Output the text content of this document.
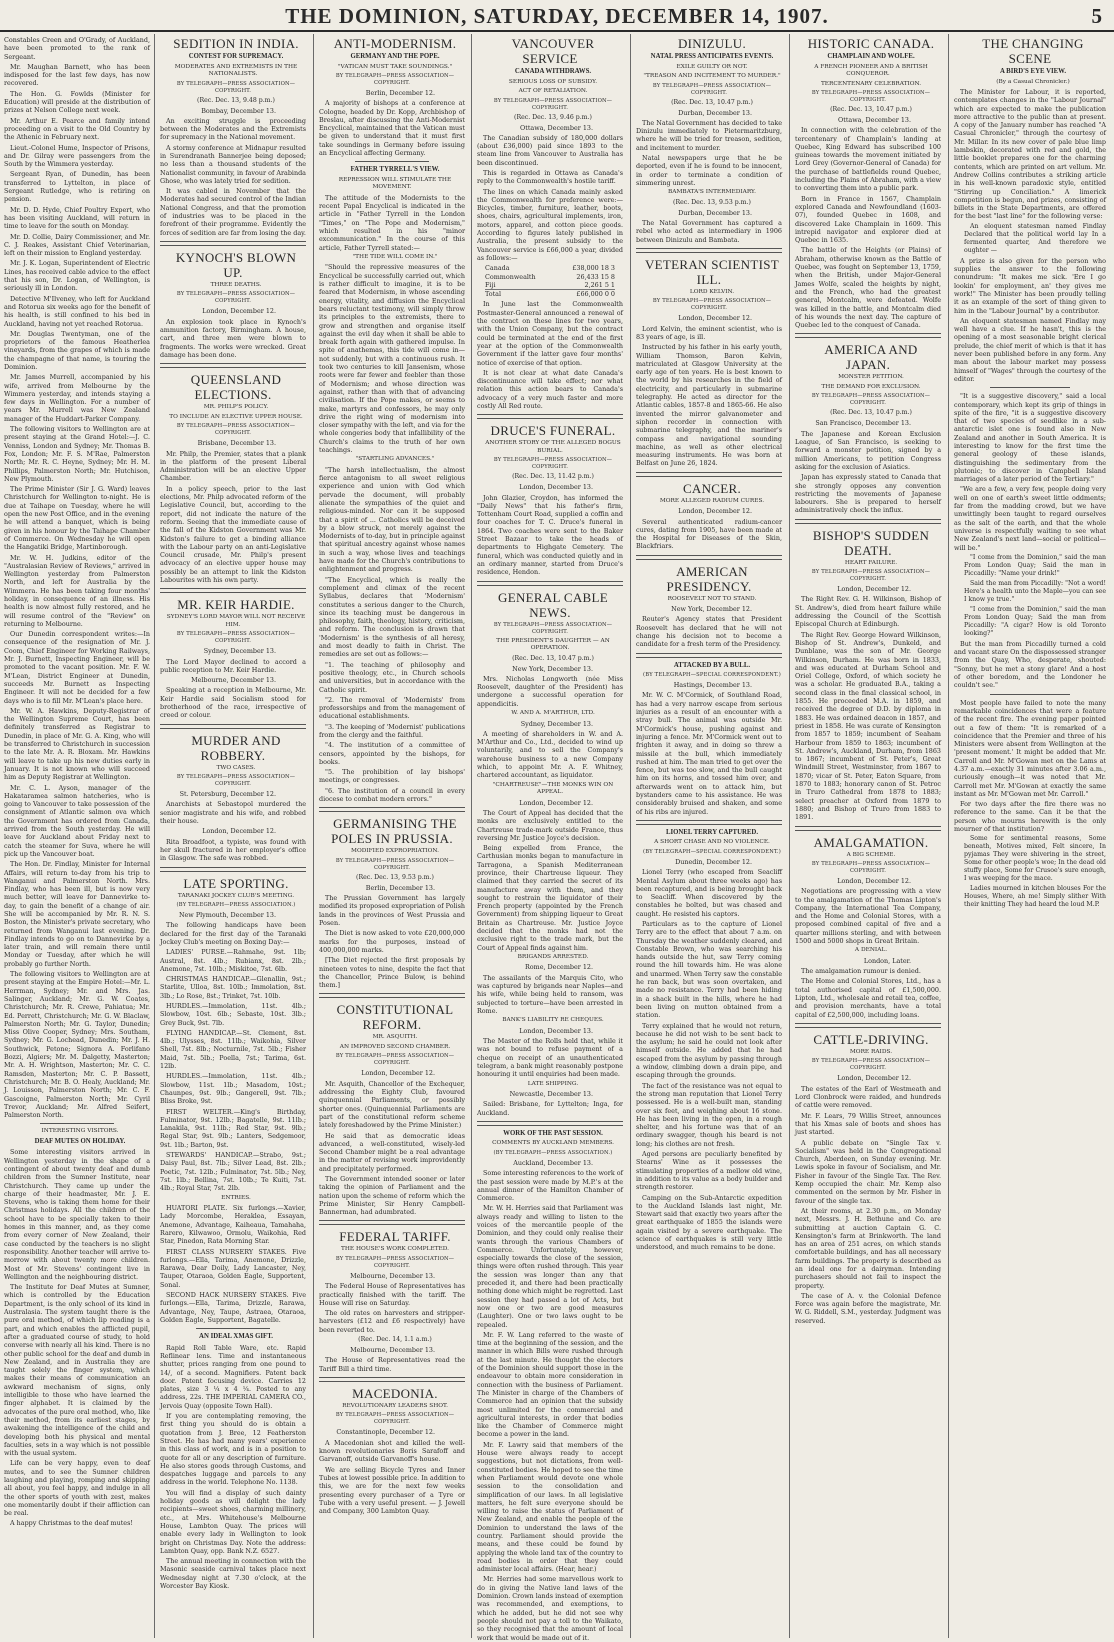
THE DOMINION, SATURDAY, DECEMBER 14, 1907.	5

Constables Creen and O'Grady, of Auckland, have been promoted to the rank of Sergeant.

Mr. Maughan Barnett, who has been indisposed for the last few days, has now recovered.

The Hon. G. Fowlds (Minister for Education) will preside at the distribution of prizes at Nelson College next week.

Mr. Arthur E. Pearce and family intend proceeding on a visit to the Old Country by the Athenic in February next.

Lieut.-Colonel Hume, Inspector of Prisons, and Dr. Gilray were passengers from the South by the Wimmera yesterday.

Sergeant Ryan, of Dunedin, has been transferred to Lyttelton, in place of Sergeant Rutledge, who is retiring on pension.

Mr. D. D. Hyde, Chief Poultry Expert, who has been visiting Auckland, will return in time to leave for the south on Monday.

Mr. D. Collie, Dairy Commissioner, and Mr. C. J. Reakes, Assistant Chief Veterinarian, left on their mission to England yesterday.

Mr. J. K. Logan, Superintendent of Electric Lines, has received cable advice to the effect that his son, Dr. Logan, of Wellington, is seriously ill in London.

Detective M'Ilveney, who left for Auckland and Rotorua six weeks ago for the benefit of his health, is still confined to his bed in Auckland, having not yet reached Rotorua.

Mr. Douglas Twentyman, one of the proprietors of the famous Heatherlea vineyards, from the grapes of which is made the champagne of that name, is touring the Dominion.

Mr. James Murrell, accompanied by his wife, arrived from Melbourne by the Wimmera yesterday, and intends staying a few days in Wellington. For a number of years Mr. Murrell was New Zealand manager of the Huddart-Parker Company.

The following visitors to Wellington are at present staying at the Grand Hotel:—J. C. Venniss, London and Sydney; Mr. Thomas B. Fox, London; Mr. F. S. M'Rae, Palmerston North; Mr. R. C. Heyne, Sydney; Mr. H. M. Phillips, Palmerston North; Mr. Hutchison, New Plymouth.

The Prime Minister (Sir J. G. Ward) leaves Christchurch for Wellington to-night. He is due at Taihape on Tuesday, where he will open the new Post Office, and in the evening he will attend a banquet, which is being given in his honour by the Taihape Chamber of Commerce. On Wednesday he will open the Hangatiki Bridge, Martinborough.

Mr. W. H. Judkins, editor of the "Australasian Review of Reviews," arrived in Wellington yesterday from Palmerston North, and left for Australia by the Wimmera. He has been taking four months' holiday, in consequence of an illness. His health is now almost fully restored, and he will resume control of the "Review" on returning to Melbourne.

Our Dunedin correspondent writes:—In consequence of the resignation of Mr. J. Coom, Chief Engineer for Working Railways, Mr. J. Burnett, Inspecting Engineer, will be promoted to the vacant position. Mr. F. W. M'Lean, District Engineer at Dunedin, succeeds Mr. Burnett as Inspecting Engineer. It will not be decided for a few days who is to fill Mr. M'Lean's place here.

Mr. W. A. Hawkins, Deputy-Registrar of the Wellington Supreme Court, has been definitely transferred as Registrar to Dunedin, in place of Mr. G. A. King, who will be transferred to Christchurch in succession to the late Mr. A. R. Bloxam. Mr. Hawkins will leave to take up his new duties early in January. It is not known who will succeed him as Deputy Registrar at Wellington.

Mr. C. L. Ayson, manager of the Hakataramea salmon hatcheries, who is going to Vancouver to take possession of the consignment of Atlantic salmon ova which the Government has ordered from Canada, arrived from the South yesterday. He will leave for Auckland about Friday next to catch the steamer for Suva, where he will pick up the Vancouver boat.

The Hon. Dr. Findlay, Minister for Internal Affairs, will return to-day from his trip to Wanganui and Palmerston North. Mrs. Findlay, who has been ill, but is now very much better, will leave for Dannevirke to-day, to gain the benefit of a change of air. She will be accompanied by Mr. R. N. S. Boston, the Minister's private secretary, who returned from Wanganui last evening. Dr. Findlay intends to go on to Dannevirke by a later train, and will remain there until Monday or Tuesday, after which he will probably go further North.

The following visitors to Wellington are at present staying at the Empire Hotel:—Mr. L. Herrman, Sydney; Mr. and Mrs. Jas. Salinger, Auckland; Mr. G. W. Coates, Christchurch; Mr. R. Crewe, Pahiatua; Mr. Ed. Perrett, Christchurch; Mr. G. W. Blaclaw, Palmerston North; Mr. G. Taylor, Dunedin; Miss Olive Cooper, Sydney; Mrs. Southam, Sydney; Mr. G. Lochead, Dunedin; Mr. J. H. Southwick, Petone; Signora A. Forlifano Bozzi, Algiers; Mr. M. Dalgetty, Masterton; Mr. A. H. Wrightson, Masterton; Mr. C. C. Ramsden, Masterton; Mr. C. P. Bassett, Christchurch; Mr. B. O. Healy, Auckland; Mr. J. Louisson, Palmerston North; Mr. C. F. Gascoigne, Palmerston North; Mr. Cyril Trevor, Auckland; Mr. Alfred Seifert, Palmerston North.

INTERESTING VISITORS.

DEAF MUTES ON HOLIDAY.

Some interesting visitors arrived in Wellington yesterday in the shape of a contingent of about twenty deaf and dumb children from the Sumner Institute, near Christchurch. They came up under the charge of their headmaster, Mr. J. E. Stevens, who is taking them home for their Christmas holidays. All the children of the school have to be specially taken to their homes in this manner, and, as they come from every corner of New Zealand, their case conducted by the teachers is no slight responsibility. Another teacher will arrive to-morrow with about twenty more children. Most of Mr. Stevens' contingent live in Wellington and the neighbouring district.

The Institute for Deaf Mutes at Sumner, which is controlled by the Education Department, is the only school of its kind in Australasia. The system taught there is the pure oral method, of which lip reading is a part, and which enables the afflicted pupil, after a graduated course of study, to hold converse with nearly all his kind. There is no other public school for the deaf and dumb in New Zealand, and in Australia they are taught solely the finger system, which makes their means of communication an awkward mechanism of signs, only intelligible to those who have learned the finger alphabet. It is claimed by the advocates of the pure oral method, who, like their method, from its earliest stages, by awakening the intelligence of the child and developing both his physical and mental faculties, sets in a way which is not possible with the usual system.

Life can be very happy, even to deaf mutes, and to see the Sumner children laughing and playing, romping and skipping all about, you feel happy, and indulge in all the other sports of youth with zest, makes one momentarily doubt if their affliction can be real.

A happy Christmas to the deaf mutes!

SEDITION IN INDIA.

CONTEST FOR SUPREMACY.

MODERATES AND EXTREMISTS IN THE NATIONALISTS.

BY TELEGRAPH—PRESS ASSOCIATION—COPYRIGHT.

(Rec. Dec. 13, 9.48 p.m.)

Bombay, December 13.

An exciting struggle is proceeding between the Moderates and the Extremists for supremacy in the National movement.

A stormy conference at Midnapur resulted in Surendranath Bannerjee being deposed; no less than a thousand students of the Nationalist community, in favour of Arabinda Ghose, who was lately tried for sedition.

It was cabled in November that the Moderates had secured control of the Indian National Congress, and that the promotion of industries was to be placed in the forefront of their programme. Evidently the forces of sedition are far from losing the day.

KYNOCH'S BLOWN UP.

THREE DEATHS.

BY TELEGRAPH—PRESS ASSOCIATION—COPYRIGHT.

London, December 12.

An explosion took place in Kynoch's ammunition factory, Birmingham. A house, cart, and three men were blown to fragments. The works were wrecked. Great damage has been done.

QUEENSLAND ELECTIONS.

MR. PHILP'S POLICY.

TO INCLUDE AN ELECTIVE UPPER HOUSE.

BY TELEGRAPH—PRESS ASSOCIATION—COPYRIGHT.

Brisbane, December 13.

Mr. Philp, the Premier, states that a plank in the platform of the present Liberal Administration will be an elective Upper Chamber.

In a policy speech, prior to the last elections, Mr. Philp advocated reform of the Legislative Council, but, according to the report, did not indicate the nature of the reform. Seeing that the immediate cause of the fall of the Kidston Government was Mr. Kidston's failure to get a binding alliance with the Labour party on an anti-Legislative Council crusade, Mr. Philp's present advocacy of an elective upper house may possibly be an attempt to link the Kidston Labourites with his own party.

MR. KEIR HARDIE.

SYDNEY'S LORD MAYOR WILL NOT RECEIVE HIM.

BY TELEGRAPH—PRESS ASSOCIATION—COPYRIGHT.

Sydney, December 13.

The Lord Mayor declined to accord a public reception to Mr. Keir Hardie.

Melbourne, December 13.

Speaking at a reception in Melbourne, Mr. Keir Hardie said Socialism stood for brotherhood of the race, irrespective of creed or colour.

MURDER AND ROBBERY.

TWO CASES.

BY TELEGRAPH—PRESS ASSOCIATION—COPYRIGHT.

St. Petersburg, December 12.

Anarchists at Sebastopol murdered the senior magistrate and his wife, and robbed their house.

London, December 12.

Rita Broadfoot, a typiste, was found with her skull fractured in her employer's office in Glasgow. The safe was robbed.

LATE SPORTING.

TARANAKI JOCKEY CLUB'S MEETING.

(BY TELEGRAPH—PRESS ASSOCIATION.)

New Plymouth, December 13.

The following handicaps have been declared for the first day of the Taranaki Jockey Club's meeting on Boxing Day:—

LADIES' PURSE.—Rahmahe, 9st. 1lb; Austral, 8st. 4lb.; Rubianx, 8st. 2lb.; Anemone, 7st. 10lb.; Miskitoe, 7st. 6lb.

CHRISTMAS HANDICAP.—Glenallin, 9st.; Starlite, Ulloa, 8st. 10lb.; Immolation, 8st. 3lb.; Lo Rose, 8st.; Trinket, 7st. 10lb.

HURDLES.—Immolation, 11st. 4lb.; Slowbow, 10st. 6lb.; Sebaste, 10st. 3lb.; Grey Buck, 9st. 7lb.

FLYING HANDICAP.—St. Clement, 8st. 4lb.; Ulysses, 8st. 11lb.; Waikohia, Silver Shell, 7st. 8lb.; Nocturnile, 7st. 5lb.; Fisher Maid, 7st. 5lb.; Poella, 7st.; Tarima, 6st. 12lb.

HURDLES.—Immolation, 11st. 4lb.; Slowbow, 11st. 1lb.; Masadom, 10st.; Chaunpes, 9st. 9lb.; Gangerell, 9st. 7lb.; Bliss Broke, 9st.

FIRST WELTER.—King's Birthday, Fulminator, 9st. 12lb.; Bagatelle, 9st. 11lb.; Lanakila, 9st. 11lb.; Red Star, 9st. 9lb.; Regal Star, 9st. 9lb.; Lanters, Sedgemoor, 9st. 1lb.; Barton, 9st.

STEWARDS' HANDICAP.—Strabo, 9st.; Daisy Paul, 8st. 7lb.; Silver Lead, 8st. 2lb.; Poetic, 7st. 12lb.; Fulminator, 7st. 5lb.; Ney, 7st. 1lb.; Bellina, 7st. 10lb.; Te Kuiti, 7st. 4lb.; Royal Star, 7st. 2lb.

ENTRIES.

HUATORI PLATE. Six furlongs.—Xavier, Lady Morcombe, Heraklea, Essayan, Anemone, Advantage, Kaiheaua, Tamahaha, Rarero, Kilwawoo, Ormolu, Waikohia, Red Star, Pinedon, Rata Morning Star.

FIRST CLASS NURSERY STAKES. Five furlongs.—Ella, Tarima, Anemone, Drizzle, Rarawa, Dear Doily, Lady Lancaster, Ney, Tauper, Otaraoa, Golden Eagle, Supportent, Sonal.

SECOND HACK NURSERY STAKES. Five furlongs.—Ella, Tarima, Drizzle, Rarawa, Advantage, Ney, Taupe, Astraea, Otaraoa, Golden Eagle, Supportent, Bagatelle.

AN IDEAL XMAS GIFT.

Rapid Roll Table Ware, etc. Rapid Reflinear lens. Time and instantaneous shutter, prices ranging from one pound to 14/, of a second. Magnifiers. Patent back door. Patent focusing device. Carries 12 plates, size 3 ¼ x 4 ¼. Posted to any address, 22s. THE IMPERIAL CAMERA CO., Jervois Quay (opposite Town Hall).

If you are contemplating removing, the first thing you should do is obtain a quotation from J. Bree, 12 Featherston Street. He has had many years' experience in this class of work, and is in a position to quote for all or any description of furniture. He also stores goods through Customs, and despatches luggage and parcels to any address in the world. Telephone No. 1138.

You will find a display of such dainty holiday goods as will delight the lady recipients—sweet shoes, charming millinery, etc., at Mrs. Whitehouse's Melbourne House, Lambton Quay. The prices will enable every lady in Wellington to look bright on Christmas Day. Note the address: Lambton Quay, opp. Bank N.Z. 6527.

The annual meeting in connection with the Masonic seaside carnival takes place next Wednesday night at 7.30 o'clock, at the Worcester Bay Kiosk.

ANTI-MODERNISM.

GERMANY AND THE POPE.

"VATICAN MUST TAKE SOUNDINGS."

BY TELEGRAPH—PRESS ASSOCIATION—COPYRIGHT.

Berlin, December 12.

A majority of bishops at a conference at Cologne, headed by Dr. Kopp, Archbishop of Breslau, after discussing the Anti-Modernist Encyclical, maintained that the Vatican must be given to understand that it must first take soundings in Germany before issuing an Encyclical affecting Germany.

FATHER TYRRELL'S VIEW.

REPRESSION WILL STIMULATE THE MOVEMENT.

The attitude of the Modernists to the recent Papal Encyclical is indicated in the article in "Father Tyrrell in the London "Times," on "The Pope and Modernism," which resulted in his "minor excommunication." In the course of this article, Father Tyrrell stated:—

"THE TIDE WILL COME IN."

"Should the repressive measures of the Encyclical be successfully carried out, which is rather difficult to imagine, it is to be feared that Modernism, in whose ascending energy, vitality, and diffusion the Encyclical bears reluctant testimony, will simply throw its principles to the extremists, there to grow and strengthen and organise itself against the evil day when it shall be able to break forth again with gathered impulse. In spite of anathemas, this tide will come in—not suddenly, but with a continuous rush. It took two centuries to kill Jansenism, whose roots were far fewer and feebler than those of Modernism; and whose direction was against, rather than with that of advancing civilisation. If the Pope makes, or seems to make, martyrs and confessors, he may only drive the right wing of modernism into closer sympathy with the left, and via for the whole congeries body that infallibility of the Church's claims to the truth of her own teachings.

"STARTLING ADVANCES."

"The harsh intellectualism, the almost fierce antagonism to all sweet religious experience and union with God which pervade the document, will probably alienate the sympathies of the quiet and religious-minded. Nor can it be supposed that a spirit of ... Catholics will be deceived by a blow struck, not merely against the Modernists of to-day, but in principle against that spiritual ancestry against whose names in such a way, whose lives and teachings have made for the Church's contributions to enlightenment and progress.

"The Encyclical, which is really the complement and climax of the recent Syllabus, declares that 'Modernism' constitutes a serious danger to the Church, since its teaching must be dangerous in philosophy, faith, theology, history, criticism, and reform. The conclusion is drawn that 'Modernism' is the synthesis of all heresy, and most deadly to faith in Christ. The remedies are set out as follows:—

"1. The teaching of philosophy and positive theology, etc., in Church schools and universities, but in accordance with the Catholic spirit.

"2. The removal of 'Modernists' from professorships and from the management of educational establishments.

"3. The keeping of 'Modernist' publications from the clergy and the faithful.

"4. The institution of a committee of censors, appointed by the bishops, for books.

"5. The prohibition of lay bishops' meetings, or congresses.

"6. The institution of a council in every diocese to combat modern errors."

GERMANISING THE POLES IN PRUSSIA.

MODIFIED EXPROPRIATION.

BY TELEGRAPH—PRESS ASSOCIATION—COPYRIGHT.

(Rec. Dec. 13, 9.53 p.m.)

Berlin, December 13.

The Prussian Government has largely modified its proposed expropriation of Polish lands in the provinces of West Prussia and Posen.

The Diet is now asked to vote £20,000,000 marks for the purposes, instead of 400,000,000 marks.

[The Diet rejected the first proposals by nineteen votes to nine, despite the fact that the Chancellor, Prince Bulow, is behind them.]

CONSTITUTIONAL REFORM.

MR. ASQUITH.

AN IMPROVED SECOND CHAMBER.

BY TELEGRAPH—PRESS ASSOCIATION—COPYRIGHT.

London, December 12.

Mr. Asquith, Chancellor of the Exchequer, addressing the Eighty Club, favoured quinquennial Parliaments, or possibly shorter ones. (Quinquennial Parliaments are part of the constitutional reform scheme lately foreshadowed by the Prime Minister.)

He said that as democratic ideas advanced, a well-constituted, wisely-led Second Chamber might be a real advantage in the matter of revising work improvidently and precipitately performed.

The Government intended sooner or later taking the opinion of Parliament and the nation upon the scheme of reform which the Prime Minister, Sir Henry Campbell-Bannerman, had adumbrated.

FEDERAL TARIFF.

THE HOUSE'S WORK COMPLETED.

BY TELEGRAPH—PRESS ASSOCIATION—COPYRIGHT.

Melbourne, December 13.

The Federal House of Representatives has practically finished with the tariff. The House will rise on Saturday.

The old rates on harvesters and stripper-harvesters (£12 and £6 respectively) have been reverted to.

(Rec. Dec. 14, 1.1 a.m.)

Melbourne, December 13.

The House of Representatives read the Tariff Bill a third time.

MACEDONIA.

REVOLUTIONARY LEADERS SHOT.

BY TELEGRAPH—PRESS ASSOCIATION—COPYRIGHT.

Constantinople, December 12.

A Macedonian shot and killed the well-known revolutionaries Boris Sarafoff and Garvanoff, outside Garvanoff's house.

We are selling Bicycle Tyres and Inner Tubes at lowest possible price. In addition to this, we are for the next few weeks presenting every purchaser of a Tyre or Tube with a very useful present. — J. Jewell and Company, 300 Lambton Quay.

VANCOUVER SERVICE

CANADA WITHDRAWS.

SERIOUS LOSS OF SUBSIDY.

ACT OF RETALIATION.

BY TELEGRAPH—PRESS ASSOCIATION—COPYRIGHT.

(Rec. Dec. 13, 9.46 p.m.)

Ottawa, December 13.

The Canadian subsidy of 180,000 dollars (about £36,000) paid since 1893 to the steam line from Vancouver to Australia has been discontinued.

This is regarded in Ottawa as Canada's reply to the Commonwealth's hostile tariff.

The lines on which Canada mainly asked the Commonwealth for preference were:—Bicycles, timber, furniture, leather, boots, shoes, chairs, agricultural implements, iron, motors, apparel, and cotton piece goods. According to figures lately published in Australia, the present subsidy to the Vancouver service is £66,000 a year, divided as follows:—

Canada	£38,000 18 3
Commonwealth	26,433 15 8
Fiji	2,261 5 1
Total	£66,000 0 0

In June last the Commonwealth Postmaster-General announced a renewal of the contract on these lines for two years, with the Union Company, but the contract could be terminated at the end of the first year at the option of the Commonwealth Government if the latter gave four months' notice of exercise of that option.

It is not clear at what date Canada's discontinuance will take effect; nor what relation this action bears to Canada's advocacy of a very much faster and more costly All Red route.

DRUCE'S FUNERAL.

ANOTHER STORY OF THE ALLEGED BOGUS BURIAL.

BY TELEGRAPH—PRESS ASSOCIATION—COPYRIGHT.

(Rec. Dec. 13, 11.42 p.m.)

London, December 13.

John Glazier, Croydon, has informed the "Daily News" that his father's firm, Tottenham Court Road, supplied a coffin and four coaches for T. C. Druce's funeral in 1864. Two coaches were sent to the Baker Street Bazaar to take the heads of departments to Highgate Cemetery. The funeral, which was conducted quietly and in an ordinary manner, started from Druce's residence, Hendon.

GENERAL CABLE NEWS.

BY TELEGRAPH—PRESS ASSOCIATION—COPYRIGHT.

THE PRESIDENT'S DAUGHTER — AN OPERATION.

(Rec. Dec. 13, 10.47 p.m.)

New York, December 13.

Mrs. Nicholas Longworth (née Miss Roosevelt, daughter of the President) has undergone a successful operation for appendicitis.

W. AND A. M'ARTHUR, LTD.

Sydney, December 13.

A meeting of shareholders in W. and A. M'Arthur and Co., Ltd., decided to wind up voluntarily, and to sell the Company's warehouse business to a new Company which, to appoint Mr. A. F. Whitney, chartered accountant, as liquidator.

"CHARTREUSE"—THE MONKS WIN ON APPEAL.

London, December 12.

The Court of Appeal has decided that the monks are exclusively entitled to the Chartreuse trade-mark outside France, thus reversing Mr. Justice Joyce's decision.

Being expelled from France, the Carthusian monks began to manufacture in Tarragona, a Spanish Mediterranean province, their Chartreuse liqueur. They claimed that they carried the secret of its manufacture away with them, and they sought to restrain the liquidator of their French property (appointed by the French Government) from shipping liqueur to Great Britain as Chartreuse. Mr. Justice Joyce decided that the monks had not the exclusive right to the trade mark, but the Court of Appeal finds against him.

BRIGANDS ARRESTED.

Rome, December 12.

The assailants of the Marquis Cito, who was captured by brigands near Naples—and his wife, while being held to ransom, was subjected to torture—have been arrested in Rome.

BANK'S LIABILITY RE CHEQUES.

London, December 13.

The Master of the Rolls held that, while it was not bound to refuse payment of a cheque on receipt of an unauthenticated telegram, a bank might reasonably postpone honouring it until enquiries had been made.

LATE SHIPPING.

Newcastle, December 13.

Sailed: Brisbane, for Lyttelton; Inga, for Auckland.

WORK OF THE PAST SESSION.

COMMENTS BY AUCKLAND MEMBERS.

(BY TELEGRAPH—PRESS ASSOCIATION.)

Auckland, December 13.

Some interesting references to the work of the past session were made by M.P.'s at the annual dinner of the Hamilton Chamber of Commerce.

Mr. W. H. Herries said that Parliament was always ready and willing to listen to the voices of the mercantile people of the Dominion, and they could only realise their wants through the various Chambers of Commerce. Unfortunately, however, especially towards the close of the session, things were often rushed through. This year the session was longer than any that preceded it, and there had been practically nothing done which might be regretted. Last session they had passed a lot of Acts, but now one or two are good measures (Laughter). One or two laws ought to be repealed.

Mr. F. W. Lang referred to the waste of time at the beginning of the session, and the manner in which Bills were rushed through at the last minute. He thought the electors of the Dominion should support those in the endeavour to obtain more consideration in connection with the business of Parliament. The Minister in charge of the Chambers of Commerce had an opinion that the subsidy most unlimited for the commercial and agricultural interests, in order that bodies like the Chamber of Commerce might become a power in the land.

Mr. F. Lawry said that members of the House were always ready to accept suggestions, but not dictations, from well-constituted bodies. He hoped to see the time when Parliament would devote one whole session to the consolidation and simplification of our laws. In all legislative matters, he felt sure everyone should be willing to raise the status of Parliament of New Zealand, and enable the people of the Dominion to understand the laws of the country. Parliament should provide the means, and these could be found by applying the whole land tax of the country to road bodies in order that they could administer local affairs. (Hear, hear.)

Mr. Herries had some marvellous work to do in giving the Native land laws of the Dominion. Crown lands instead of exemption was recommended, and exemptions, to which he added, but he did not see why people should not pay a toll to the Waikato, so they recognised that the amount of local work that would be made out of it.

DINIZULU.

NATAL PRESS ANTICIPATES EVENTS.

EXILE GUILTY OR NOT.

"TREASON AND INCITEMENT TO MURDER."

BY TELEGRAPH—PRESS ASSOCIATION—COPYRIGHT.

(Rec. Dec. 13, 10.47 p.m.)

Durban, December 13.

The Natal Government has decided to take Dinizulu immediately to Pietermaritzburg, where he will be tried for treason, sedition, and incitement to murder.

Natal newspapers urge that he be deported, even if he is found to be innocent, in order to terminate a condition of simmering unrest.

BAMBATA'S INTERMEDIARY.

(Rec. Dec. 13, 9.53 p.m.)

Durban, December 13.

The Natal Government has captured a rebel who acted as intermediary in 1906 between Dinizulu and Bambata.

VETERAN SCIENTIST ILL.

LORD KELVIN.

BY TELEGRAPH—PRESS ASSOCIATION—COPYRIGHT.

London, December 12.

Lord Kelvin, the eminent scientist, who is 83 years of age, is ill.

Instructed by his father in his early youth, William Thomson, Baron Kelvin, matriculated at Glasgow University at the early age of ten years. He is best known to the world by his researches in the field of electricity, and particularly in submarine telegraphy. He acted as director for the Atlantic cables, 1857-8 and 1865-66. He also invented the mirror galvanometer and siphon recorder in connection with submarine telegraphy, and the mariner's compass and navigational sounding machine, as well as other electrical measuring instruments. He was born at Belfast on June 26, 1824.

CANCER.

MORE ALLEGED RADIUM CURES.

London, December 12.

Several authenticated radium-cancer cures, dating from 1905, have been made at the Hospital for Diseases of the Skin, Blackfriars.

AMERICAN PRESIDENCY.

ROOSEVELT NOT TO STAND.

New York, December 12.

Reuter's Agency states that President Roosevelt has declared that he will not change his decision not to become a candidate for a fresh term of the Presidency.

ATTACKED BY A BULL.

(BY TELEGRAPH—SPECIAL CORRESPONDENT.)

Hastings, December 13.

Mr. W. C. M'Cormick, of Southland Road, has had a very narrow escape from serious injuries as a result of an encounter with a stray bull. The animal was outside Mr. M'Cormick's house, pushing against and injuring a fence. Mr. M'Cormick went out to frighten it away, and in doing so threw a missile at the bull, which immediately rushed at him. The man tried to get over the fence, but was too slow, and the bull caught him on its horns, and tossed him over, and afterwards went on to attack him, but bystanders came to his assistance. He was considerably bruised and shaken, and some of his ribs are injured.

LIONEL TERRY CAPTURED.

A SHORT CHASE AND NO VIOLENCE.

(BY TELEGRAPH—SPECIAL CORRESPONDENT.)

Dunedin, December 12.

Lionel Terry (who escaped from Seacliff Mental Asylum about three weeks ago) has been recaptured, and is being brought back to Seacliff. When discovered by the constables he bolted, but was chased and caught. He resisted his captors.

Particulars as to the capture of Lionel Terry are to the effect that about 7 a.m. on Thursday the weather suddenly cleared, and Constable Brown, who was searching his hands outside the hut, saw Terry coming round the hill towards him. He was alone and unarmed. When Terry saw the constable he ran back, but was soon overtaken, and made no resistance. Terry had been hiding in a shack built in the hills, where he had been living on mutton obtained from a station.

Terry explained that he would not return, because he did not wish to be sent back to the asylum; he said he could not look after himself outside. He added that he had escaped from the asylum by passing through a window, climbing down a drain pipe, and escaping through the grounds.

The fact of the resistance was not equal to the strong man reputation that Lionel Terry possessed. He is a well-built man, standing over six feet, and weighing about 16 stone. He has been living in the open, in a rough shelter, and his fortune was that of an ordinary swagger, though his beard is not long; his clothes are not fresh.

Aged persons are peculiarly benefited by Stearns' Wine as it possesses the stimulating properties of a mellow old wine, in addition to its value as a body builder and strength restorer.

Camping on the Sub-Antarctic expedition to the Auckland Islands last night, Mr. Stewart said that exactly two years after the great earthquake of 1855 the islands were again visited by a severe earthquake. The science of earthquakes is still very little understood, and much remains to be done.

HISTORIC CANADA.

CHAMPLAIN AND WOLFE.

A FRENCH PIONEER AND A BRITISH CONQUEROR.

TERCENTENARY CELEBRATION.

BY TELEGRAPH—PRESS ASSOCIATION—COPYRIGHT.

(Rec. Dec. 13, 10.47 p.m.)

Ottawa, December 13.

In connection with the celebration of the tercentenary of Champlain's landing at Quebec, King Edward has subscribed 100 guineas towards the movement initiated by Lord Grey (Governor-General of Canada) for the purchase of battlefields round Quebec, including the Plains of Abraham, with a view to converting them into a public park.

Born in France in 1567, Champlain explored Canada and Newfoundland (1603-07), founded Quebec in 1608, and discovered Lake Champlain in 1609. This intrepid navigator and explorer died at Quebec in 1635.

The battle of the Heights (or Plains) of Abraham, otherwise known as the Battle of Quebec, was fought on September 13, 1759, when the British, under Major-General James Wolfe, scaled the heights by night, and the French, who had the greatest general, Montcalm, were defeated. Wolfe was killed in the battle, and Montcalm died of his wounds the next day. The capture of Quebec led to the conquest of Canada.

AMERICA AND JAPAN.

MONSTER PETITION.

THE DEMAND FOR EXCLUSION.

BY TELEGRAPH—PRESS ASSOCIATION—COPYRIGHT.

(Rec. Dec. 13, 10.47 p.m.)

San Francisco, December 13.

The Japanese and Korean Exclusion League, of San Francisco, is seeking to forward a monster petition, signed by a million Americans, to petition Congress asking for the exclusion of Asiatics.

Japan has expressly stated to Canada that she strongly opposes any convention restricting the movements of Japanese labourers. She is prepared to herself administratively check the influx.

BISHOP'S SUDDEN DEATH.

HEART FAILURE.

BY TELEGRAPH—PRESS ASSOCIATION—COPYRIGHT.

London, December 12.

The Right Rev. G. H. Wilkinson, Bishop of St. Andrew's, died from heart failure while addressing the Council of the Scottish Episcopal Church at Edinburgh.

The Right Rev. George Howard Wilkinson, Bishop of St. Andrew's, Dunkeld, and Dunblane, was the son of Mr. George Wilkinson, Durham. He was born in 1833, and was educated at Durham School and Oriel College, Oxford, of which society he was a scholar. He graduated B.A., taking a second class in the final classical school, in 1855. He proceeded M.A. in 1859, and received the degree of D.D. by diploma in 1883. He was ordained deacon in 1857, and priest in 1858. He was curate of Kensington from 1857 to 1859; incumbent of Seaham Harbour from 1859 to 1863; incumbent of St. Andrew's, Auckland, Durham, from 1863 to 1867; incumbent of St. Peter's, Great Windmill Street, Westminster, from 1867 to 1870; vicar of St. Peter, Eaton Square, from 1870 to 1883; honorary canon of St. Petroc in Truro Cathedral from 1878 to 1883; select preacher at Oxford from 1879 to 1880; and Bishop of Truro from 1883 to 1891.

AMALGAMATION.

A BIG SCHEME.

BY TELEGRAPH—PRESS ASSOCIATION—COPYRIGHT.

London, December 12.

Negotiations are progressing with a view to the amalgamation of the Thomas Lipton's Company, the International Tea Company, and the Home and Colonial Stores, with a proposed combined capital of five and a quarter millions sterling, and with between 1500 and 5000 shops in Great Britain.

A DENIAL.

London, Later.

The amalgamation rumour is denied.

The Home and Colonial Stores, Ltd., has a total authorised capital of £1,500,000. Lipton, Ltd., wholesale and retail tea, coffee, and provision merchants, have a total capital of £2,500,000, including loans.

CATTLE-DRIVING.

MORE RAIDS.

BY TELEGRAPH—PRESS ASSOCIATION—COPYRIGHT.

London, December 12.

The estates of the Earl of Westmeath and Lord Clonbrock were raided, and hundreds of cattle were removed.

Mr. F. Lears, 79 Willis Street, announces that his Xmas sale of boots and shoes has just started.

A public debate on "Single Tax v. Socialism" was held in the Congregational Church, Aberdeen, on Sunday evening. Mr. Lewis spoke in favour of Socialism, and Mr. Fisher in favour of the Single Tax. The Rev. Kemp occupied the chair. Mr. Kemp also commented on the sermon by Mr. Fisher in favour of the single tax.

At their rooms, at 2.30 p.m., on Monday next, Messrs. J. H. Bethune and Co. are submitting at auction Captain G. C. Kensington's farm at Brinkworth. The land has an area of 251 acres, on which stands comfortable buildings, and has all necessary farm buildings. The property is described as an ideal one for a dairyman. Intending purchasers should not fail to inspect the property.

The case of A. v. the Colonial Defence Force was again before the magistrate, Mr. W. G. Riddell, S.M., yesterday. Judgment was reserved.

THE CHANGING SCENE

A BIRD'S EYE VIEW.

(By a Casual Chronicler.)

The Minister for Labour, it is reported, contemplates changes in the "Labour Journal" which are expected to make the publication more attractive to the public than at present. A copy of the January number has reached "A Casual Chronicler," through the courtesy of Mr. Millar. In its new cover of pale blue limp lambskin, decorated with red and gold, the little booklet prepares one for the charming contents, which are printed on art vellum. Mr. Andrew Collins contributes a striking article in his well-known paradoxic style, entitled "Stirring up Conciliation." A limerick competition is begun, and prizes, consisting of billets in the State Departments, are offered for the best "last line" for the following verse:

An eloquent statesman named Findlay Declared that the political world lay In a fermented quarter, And therefore we oughter —

A prize is also given for the person who supplies the answer to the following conundrum: "It makes me sick. 'Ere I go lookin' for employment, an' they gives me work!" The Minister has been proudly telling it as an example of the sort of thing given to him in the "Labour Journal" by a contributor.

An eloquent statesman named Findlay may well have a clue. If he hasn't, this is the opening of a most seasonable bright clerical prelude, the chief merit of which is that it has never been published before in any form. Any man about the labour market may possess himself of "Wages" through the courtesy of the editor.

"It is a suggestive discovery," said a local contemporary, which kept its grip of things in spite of the fire, "it is a suggestive discovery that of two species of seedlike in a sub-antarctic islet one is found also in New Zealand and another in South America. It is interesting to know for the first time the general geology of these islands, distinguishing the sedimentary from the plutonic; to discover in Campbell Island marriages of a later period of the Tertiary."

"We are a few, a very few, people doing very well on one of earth's sweet little oddments; far from the madding crowd, but we have unwittingly been taught to regard ourselves as the salt of the earth, and that the whole universe is respectfully waiting to see what New Zealand's next land—social or political—will be."

"I come from the Dominion," said the man From London Quay; Said the man in Piccadilly: "Name your drink!"

Said the man from Piccadilly: "Not a word! Here's a health unto the Maple—you can see I know ye true."

"I come from the Dominion," said the man From London Quay; Said the man from Piccadilly: "A cigar? How is old Toronto looking?"

But the man from Piccadilly turned a cold and vacant stare On the dispossessed stranger from the Quay, Who, desperate, shouted: "Sonny, but he met a stony glare! And a host of other boredom, and the Londoner he couldn't see."

Most people have failed to note the many remarkable coincidences that were a feature of the recent fire. The evening paper pointed out a few of them: "It is remarked of a coincidence that the Premier and three of his Ministers were absent from Wellington at the 'present moment.' It might be added that Mr. Carroll and Mr. M'Gowan met on the Lams at 4.37 a.m.—exactly 31 minutes after 3.06 a.m., curiously enough—it was noted that Mr. Carroll met Mr. M'Gowan at exactly the same instant as Mr. M'Gowan met Mr. Carroll."

For two days after the fire there was no reference to the same. Can it be that the person who mourns herewith is the only mourner of that institution?

Some for sentimental reasons, Some beneath, Motives mixed, Felt sincere, In pyjamas They were shivering in the street, Some for other people's woe; In the dead old stuffy place, Some for Crusoe's sure enough, I was weeping for the mace.

Ladies mourned in kitchen blouses For the Houses, Where, ah me! Simply slither With their knitting They had heard the loud M.P.
